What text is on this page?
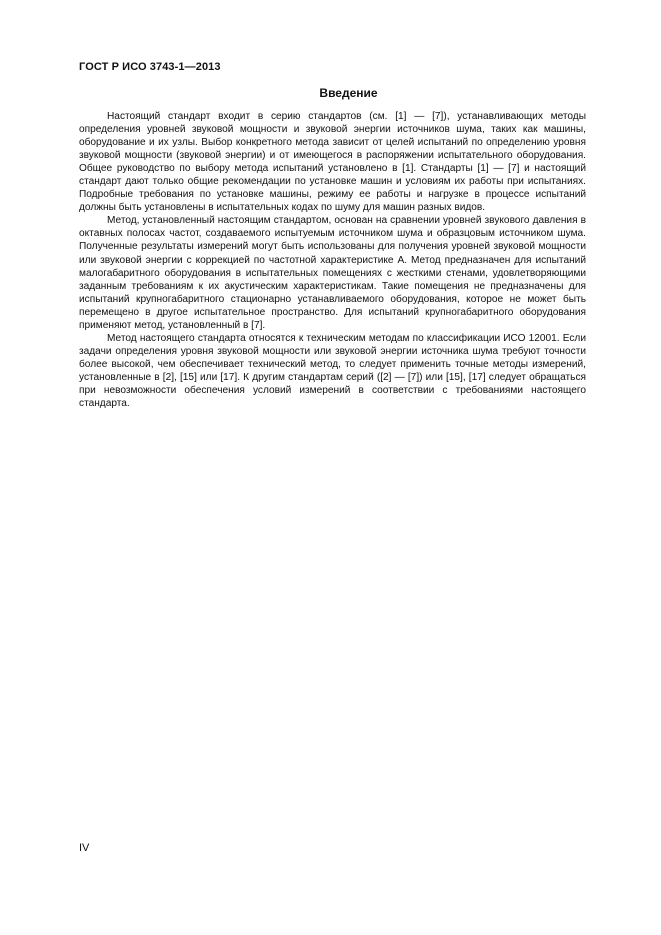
ГОСТ Р ИСО 3743-1—2013
Введение

Настоящий стандарт входит в серию стандартов (см. [1] — [7]), устанавливающих методы определения уровней звуковой мощности и звуковой энергии источников шума, таких как машины, оборудование и их узлы. Выбор конкретного метода зависит от целей испытаний по определению уровня звуковой мощности (звуковой энергии) и от имеющегося в распоряжении испытательного оборудования. Общее руководство по выбору метода испытаний установлено в [1]. Стандарты [1] — [7] и настоящий стандарт дают только общие рекомендации по установке машин и условиям их работы при испытаниях. Подробные требования по установке машины, режиму ее работы и нагрузке в процессе испытаний должны быть установлены в испытательных кодах по шуму для машин разных видов.

Метод, установленный настоящим стандартом, основан на сравнении уровней звукового давления в октавных полосах частот, создаваемого испытуемым источником шума и образцовым источником шума. Полученные результаты измерений могут быть использованы для получения уровней звуковой мощности или звуковой энергии с коррекцией по частотной характеристике А. Метод предназначен для испытаний малогабаритного оборудования в испытательных помещениях с жесткими стенами, удовлетворяющими заданным требованиям к их акустическим характеристикам. Такие помещения не предназначены для испытаний крупногабаритного стационарно устанавливаемого оборудования, которое не может быть перемещено в другое испытательное пространство. Для испытаний крупногабаритного оборудования применяют метод, установленный в [7].

Метод настоящего стандарта относятся к техническим методам по классификации ИСО 12001. Если задачи определения уровня звуковой мощности или звуковой энергии источника шума требуют точности более высокой, чем обеспечивает технический метод, то следует применить точные методы измерений, установленные в [2], [15] или [17]. К другим стандартам серий ([2] — [7]) или [15], [17] следует обращаться при невозможности обеспечения условий измерений в соответствии с требованиями настоящего стандарта.

IV
